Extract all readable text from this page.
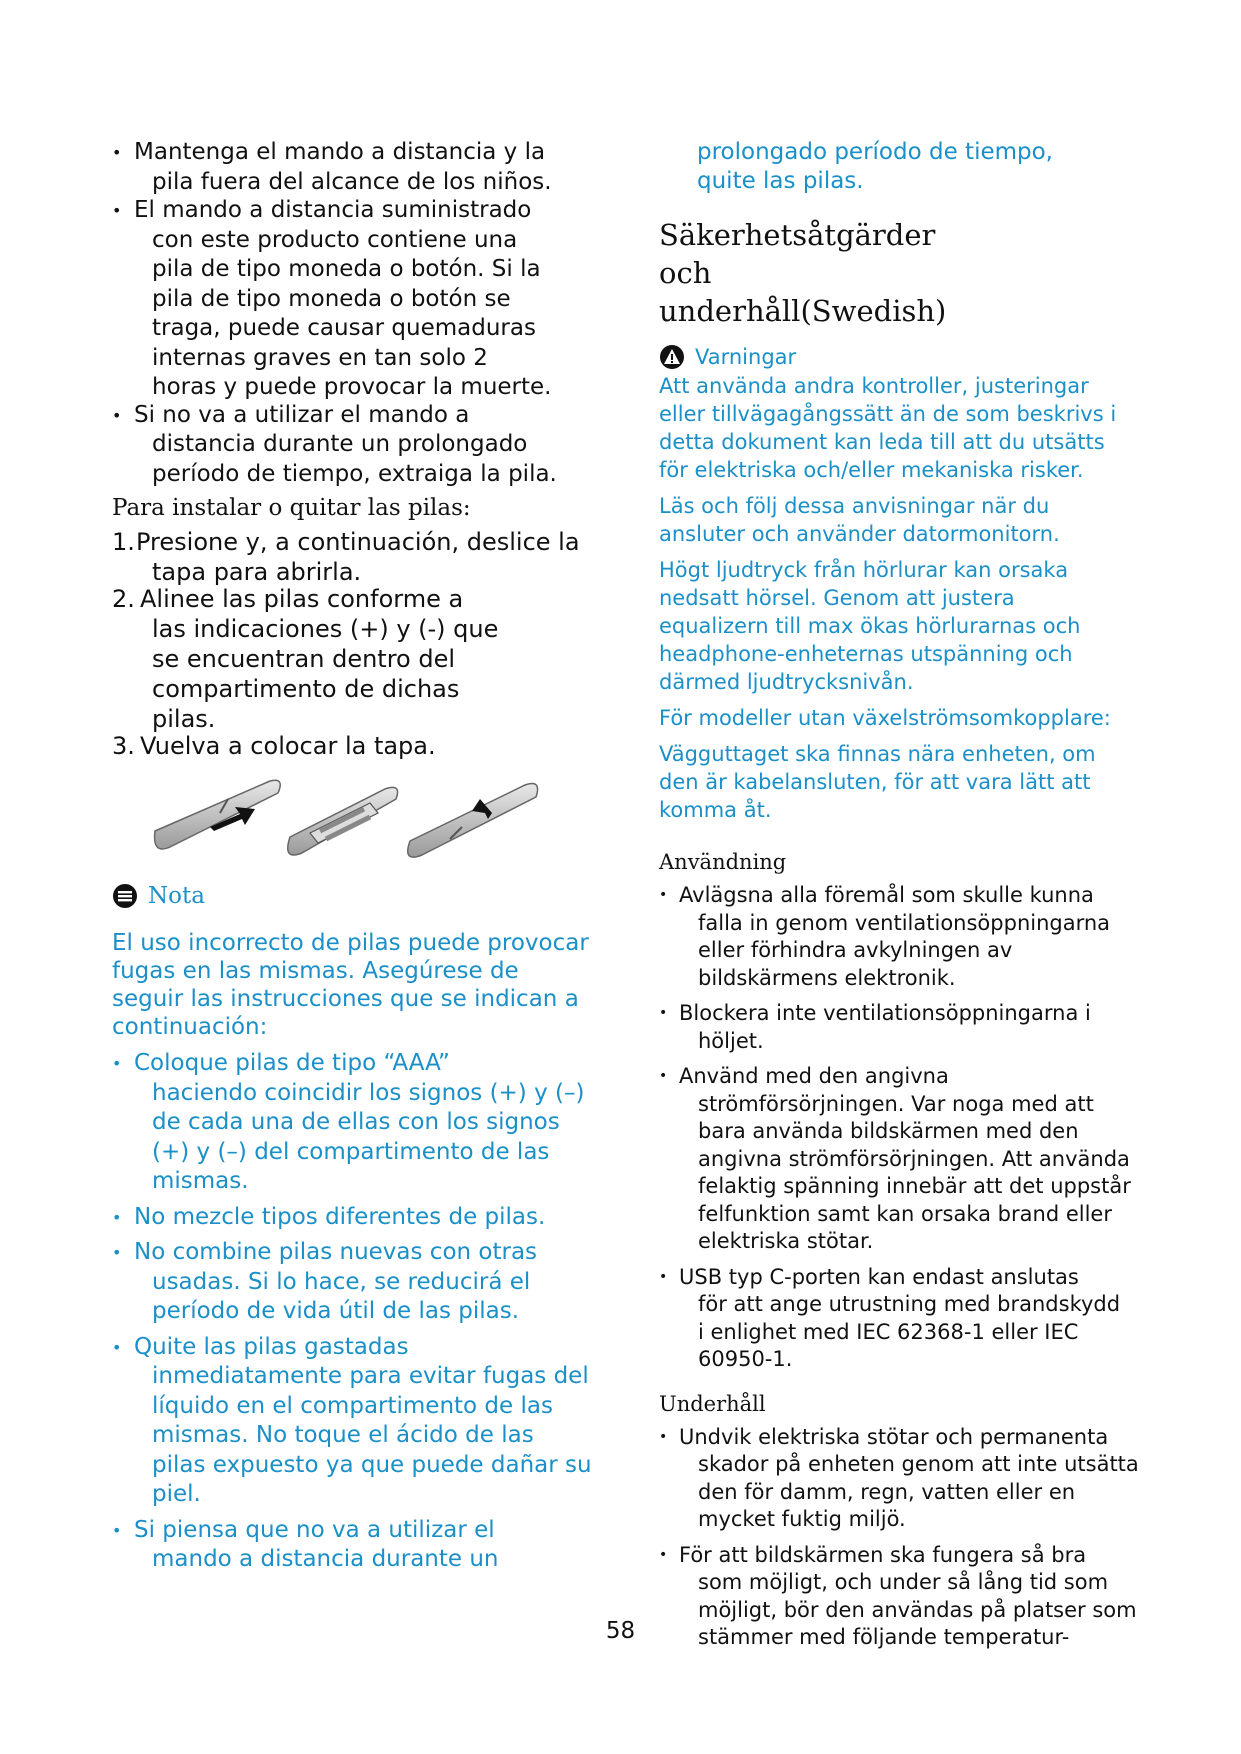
• Mantenga el mando a distancia y la
pila fuera del alcance de los niños.

• El mando a distancia suministrado
con este producto contiene una pila de tipo moneda o botón. Si la pila de tipo moneda o botón se traga, puede causar quemaduras internas graves en tan solo 2 horas y puede provocar la muerte.

• Si no va a utilizar el mando a
distancia durante un prolongado período de tiempo, extraiga la pila.

Para instalar o quitar las pilas:

1. Presione y, a continuación, deslice la
tapa para abrirla.

2. Alinee las pilas conforme a
las indicaciones (+) y (-) que se encuentran dentro del compartimento de dichas pilas.

3. Vuelva a colocar la tapa.

Nota

El uso incorrecto de pilas puede provocar fugas en las mismas. Asegúrese de seguir las instrucciones que se indican a continuación:

• Coloque pilas de tipo “AAA”
haciendo coincidir los signos (+) y (–) de cada una de ellas con los signos (+) y (–) del compartimento de las mismas.

• No mezcle tipos diferentes de pilas.

• No combine pilas nuevas con otras
usadas. Si lo hace, se reducirá el período de vida útil de las pilas.

• Quite las pilas gastadas
inmediatamente para evitar fugas del líquido en el compartimento de las mismas. No toque el ácido de las pilas expuesto ya que puede dañar su piel.

• Si piensa que no va a utilizar el
mando a distancia durante un

prolongado período de tiempo, quite las pilas.

Säkerhetsåtgärder och underhåll(Swedish)
Varningar

Att använda andra kontroller, justeringar eller tillvägagångssätt än de som beskrivs i detta dokument kan leda till att du utsätts för elektriska och/eller mekaniska risker.

Läs och följ dessa anvisningar när du ansluter och använder datormonitorn.

Högt ljudtryck från hörlurar kan orsaka nedsatt hörsel. Genom att justera equalizern till max ökas hörlurarnas och headphone-enheternas utspänning och därmed ljudtrycksnivån.

För modeller utan växelströmsomkopplare:

Vägguttaget ska finnas nära enheten, om den är kabelansluten, för att vara lätt att komma åt.

Användning

• Avlägsna alla föremål som skulle kunna
falla in genom ventilationsöppningarna eller förhindra avkylningen av bildskärmens elektronik.

• Blockera inte ventilationsöppningarna i
höljet.

• Använd med den angivna
strömförsörjningen. Var noga med att bara använda bildskärmen med den angivna strömförsörjningen. Att använda felaktig spänning innebär att det uppstår felfunktion samt kan orsaka brand eller elektriska stötar.

• USB typ C-porten kan endast anslutas
för att ange utrustning med brandskydd i enlighet med IEC 62368-1 eller IEC 60950-1.

Underhåll

• Undvik elektriska stötar och permanenta
skador på enheten genom att inte utsätta den för damm, regn, vatten eller en mycket fuktig miljö.

• För att bildskärmen ska fungera så bra
som möjligt, och under så lång tid som möjligt, bör den användas på platser som stämmer med följande temperatur-

58
